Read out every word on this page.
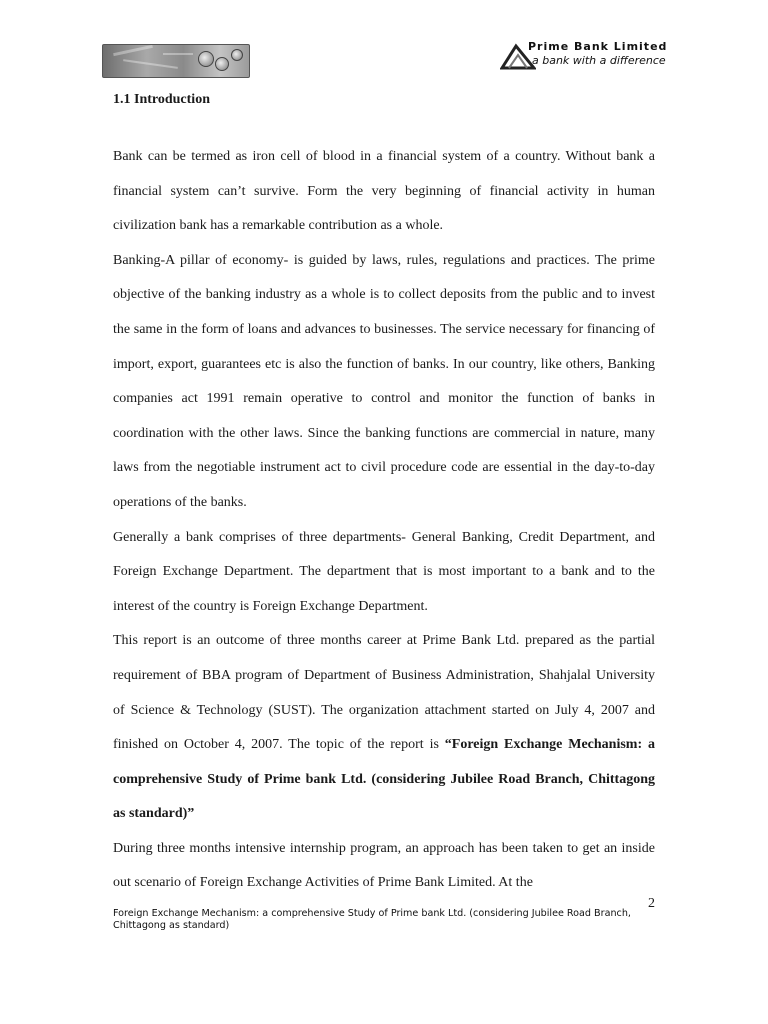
Prime Bank Limited
a bank with a difference
1.1 Introduction

Bank can be termed as iron cell of blood in a financial system of a country. Without bank a financial system can’t survive. Form the very beginning of financial activity in human civilization bank has a remarkable contribution as a whole.

Banking-A pillar of economy- is guided by laws, rules, regulations and practices. The prime objective of the banking industry as a whole is to collect deposits from the public and to invest the same in the form of loans and advances to businesses. The service necessary for financing of import, export, guarantees etc is also the function of banks. In our country, like others, Banking companies act 1991 remain operative to control and monitor the function of banks in coordination with the other laws. Since the banking functions are commercial in nature, many laws from the negotiable instrument act to civil procedure code are essential in the day-to-day operations of the banks.

Generally a bank comprises of three departments- General Banking, Credit Department, and Foreign Exchange Department. The department that is most important to a bank and to the interest of the country is Foreign Exchange Department.

This report is an outcome of three months career at Prime Bank Ltd. prepared as the partial requirement of BBA program of Department of Business Administration, Shahjalal University of Science & Technology (SUST). The organization attachment started on July 4, 2007 and finished on October 4, 2007. The topic of the report is “Foreign Exchange Mechanism: a comprehensive Study of Prime bank Ltd. (considering Jubilee Road Branch, Chittagong as standard)”

During three months intensive internship program, an approach has been taken to get an inside out scenario of Foreign Exchange Activities of Prime Bank Limited. At the

2
Foreign Exchange Mechanism: a comprehensive Study of Prime bank Ltd. (considering Jubilee Road Branch, Chittagong as standard)
